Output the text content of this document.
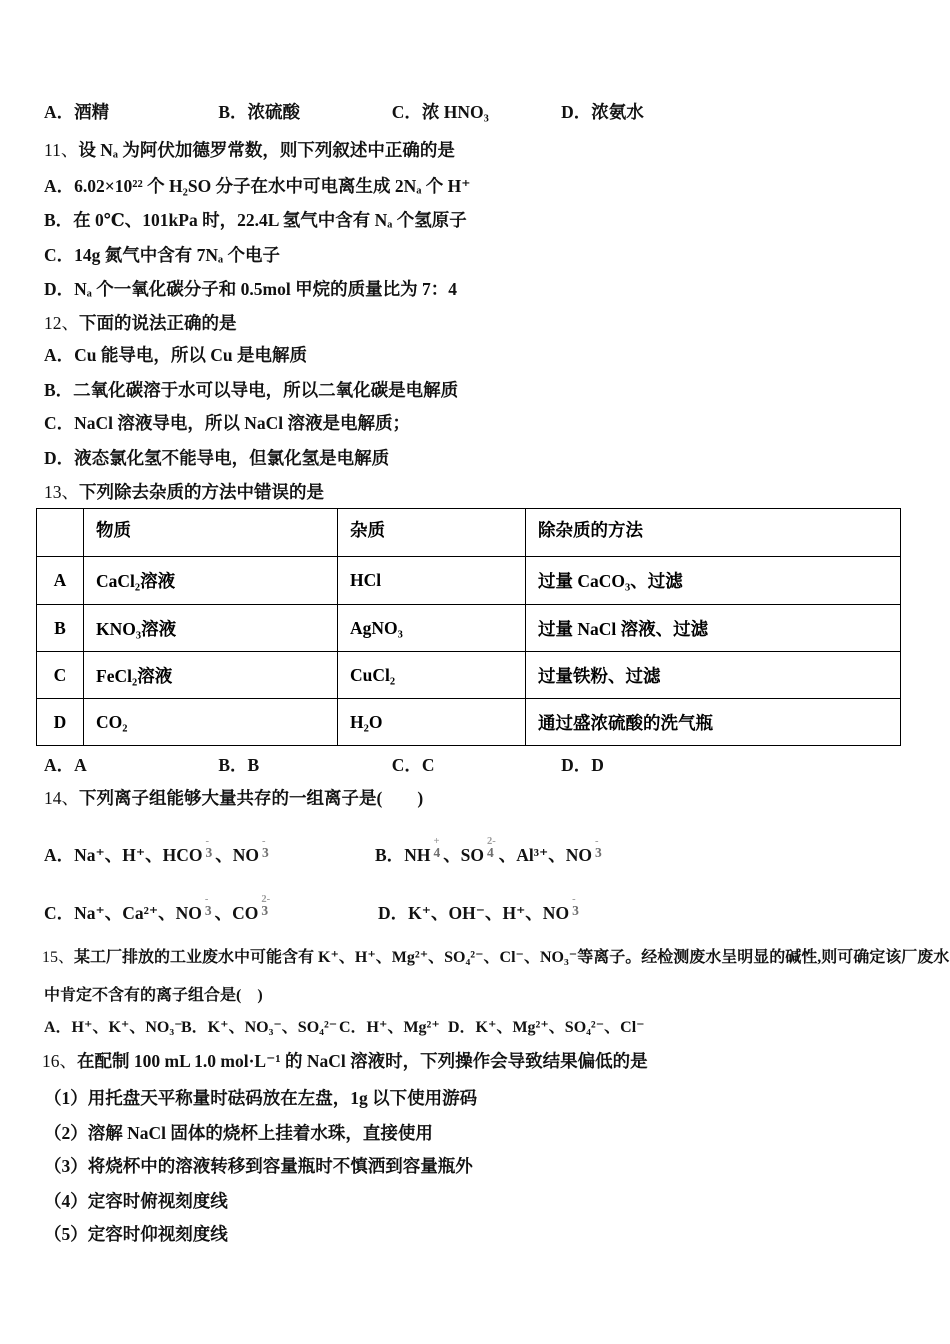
A．酒精	B．浓硫酸	C．浓 HNO₃	D．浓氨水
11、设 Nₐ 为阿伏加德罗常数，则下列叙述中正确的是
A．6.02×10²² 个 H₂SO 分子在水中可电离生成 2Nₐ 个 H⁺
B．在 0℃、101kPa 时，22.4L 氢气中含有 Nₐ 个氢原子
C．14g 氮气中含有 7Nₐ 个电子
D．Nₐ 个一氧化碳分子和 0.5mol 甲烷的质量比为 7：4
12、下面的说法正确的是
A．Cu 能导电，所以 Cu 是电解质
B．二氧化碳溶于水可以导电，所以二氧化碳是电解质
C．NaCl 溶液导电，所以 NaCl 溶液是电解质；
D．液态氯化氢不能导电，但氯化氢是电解质
13、下列除去杂质的方法中错误的是
	物质	杂质	除杂质的方法
A	CaCl₂溶液	HCl	过量 CaCO₃、过滤
B	KNO₃溶液	AgNO₃	过量 NaCl 溶液、过滤
C	FeCl₂溶液	CuCl₂	过量铁粉、过滤
D	CO₂	H₂O	通过盛浓硫酸的洗气瓶
A．A	B．B	C．C	D．D
14、下列离子组能够大量共存的一组离子是(　　)
A．Na⁺、H⁺、HCO
-
3 、NO
-
3	B．NH
+
4 、SO
2-
4 、Al³⁺、NO
-
3
C．Na⁺、Ca²⁺、NO
-
3 、CO
2-
3	D．K⁺、OH⁻、H⁺、NO
-
3
15、某工厂排放的工业废水中可能含有 K⁺、H⁺、Mg²⁺、SO₄²⁻、Cl⁻、NO₃⁻等离子。经检测废水呈明显的碱性,则可确定该厂废水
中肯定不含有的离子组合是(　)
A．H⁺、K⁺、NO₃⁻ B．K⁺、NO₃⁻、SO₄²⁻ C．H⁺、Mg²⁺ D．K⁺、Mg²⁺、SO₄²⁻、Cl⁻
16、在配制 100 mL 1.0 mol·L⁻¹ 的 NaCl 溶液时，下列操作会导致结果偏低的是
（1）用托盘天平称量时砝码放在左盘，1g 以下使用游码
（2）溶解 NaCl 固体的烧杯上挂着水珠，直接使用
（3）将烧杯中的溶液转移到容量瓶时不慎洒到容量瓶外
（4）定容时俯视刻度线
（5）定容时仰视刻度线
